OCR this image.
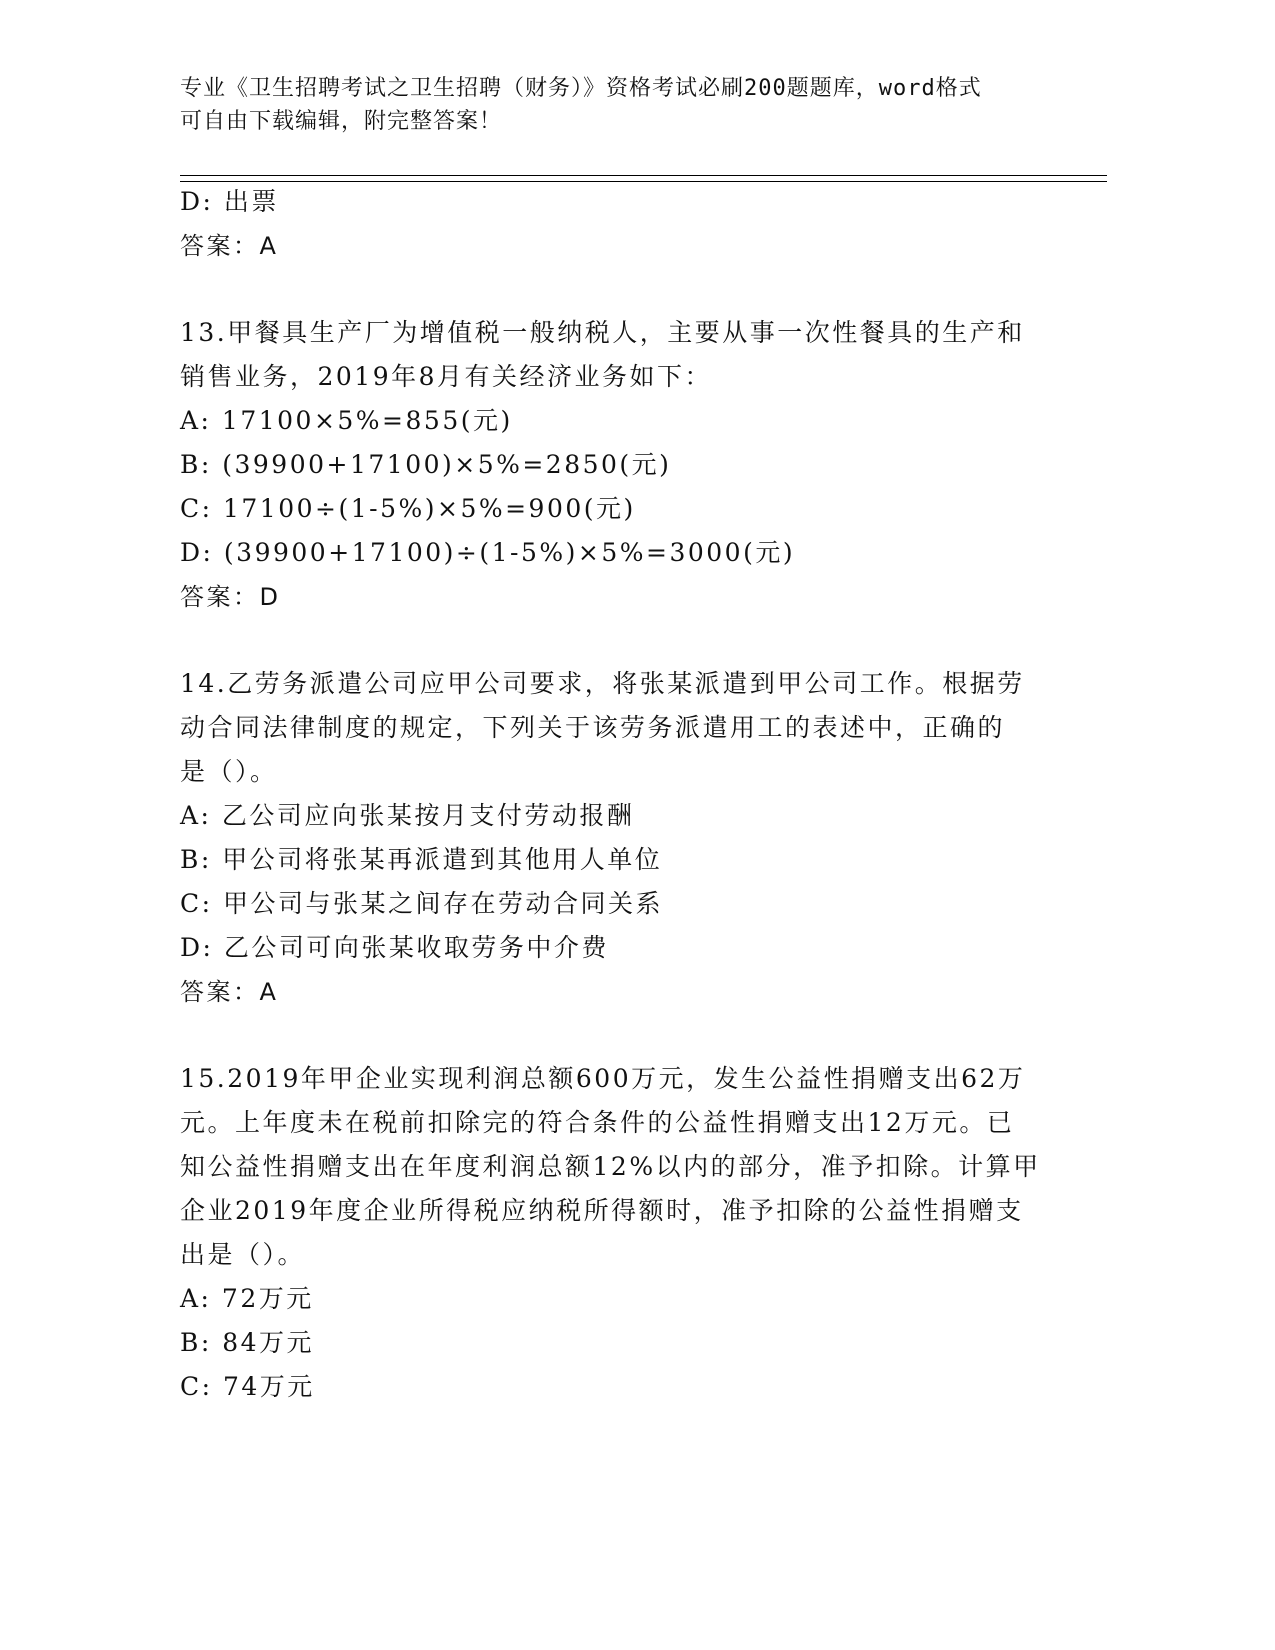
专业《卫生招聘考试之卫生招聘（财务）》资格考试必刷200题题库，word格式
可自由下载编辑，附完整答案！
D: 出票
答案：A
13.甲餐具生产厂为增值税一般纳税人，主要从事一次性餐具的生产和
销售业务，2019年8月有关经济业务如下：
A: 17100×5%=855(元)
B: (39900+17100)×5%=2850(元)
C: 17100÷(1-5%)×5%=900(元)
D: (39900+17100)÷(1-5%)×5%=3000(元)
答案：D
14.乙劳务派遣公司应甲公司要求，将张某派遣到甲公司工作。根据劳
动合同法律制度的规定，下列关于该劳务派遣用工的表述中，正确的
是（）。
A: 乙公司应向张某按月支付劳动报酬
B: 甲公司将张某再派遣到其他用人单位
C: 甲公司与张某之间存在劳动合同关系
D: 乙公司可向张某收取劳务中介费
答案：A
15.2019年甲企业实现利润总额600万元，发生公益性捐赠支出62万
元。上年度未在税前扣除完的符合条件的公益性捐赠支出12万元。已
知公益性捐赠支出在年度利润总额12%以内的部分，准予扣除。计算甲
企业2019年度企业所得税应纳税所得额时，准予扣除的公益性捐赠支
出是（）。
A: 72万元
B: 84万元
C: 74万元
